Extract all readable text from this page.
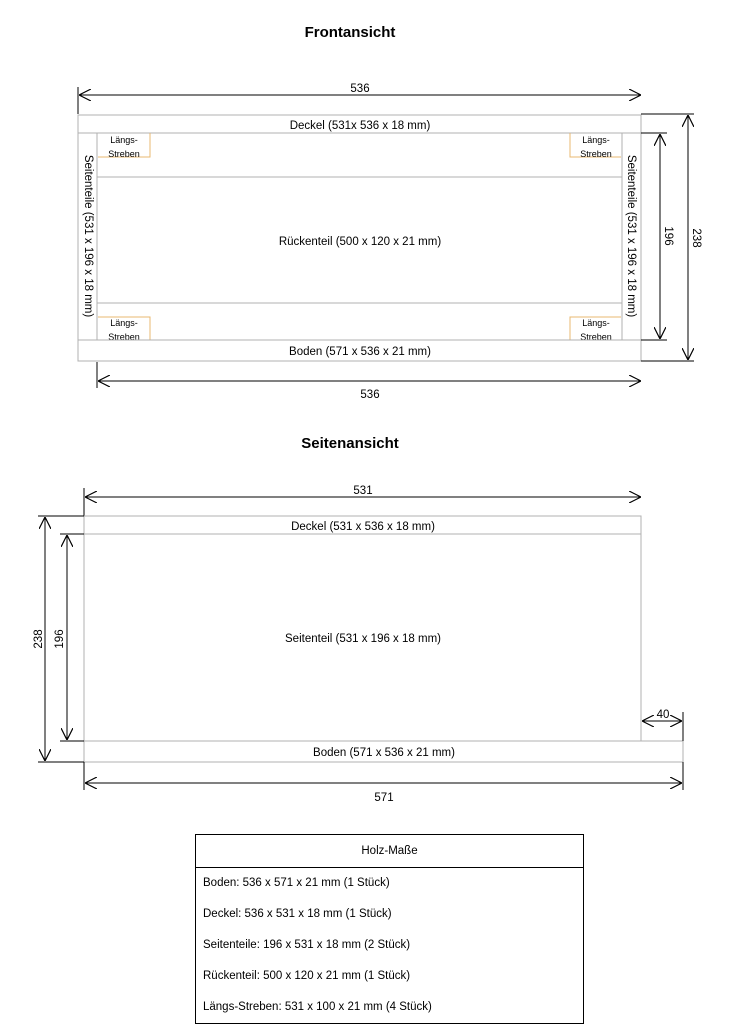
Frontansicht
Seitenansicht
536
Deckel (531x 536 x 18 mm)
Seitenteile (531 x 196 x 18 mm)	Seitenteile (531 x 196 x 18 mm)
Rückenteil (500 x 120 x 21 mm)
Längs-
Streben
Längs-
Streben
Längs-
Streben
Längs-
Streben
Boden (571 x 536 x 21 mm)
536
196 238
531
Deckel (531 x 536 x 18 mm)
Seitenteil (531 x 196 x 18 mm)
Boden (571 x 536 x 21 mm)
40
571
238 196
Holz-Maße
Boden: 536 x 571 x 21 mm (1 Stück)
Deckel: 536 x 531 x 18 mm (1 Stück)
Seitenteile: 196 x 531 x 18 mm (2 Stück)
Rückenteil: 500 x 120 x 21 mm (1 Stück)
Längs-Streben: 531 x 100 x 21 mm (4 Stück)
